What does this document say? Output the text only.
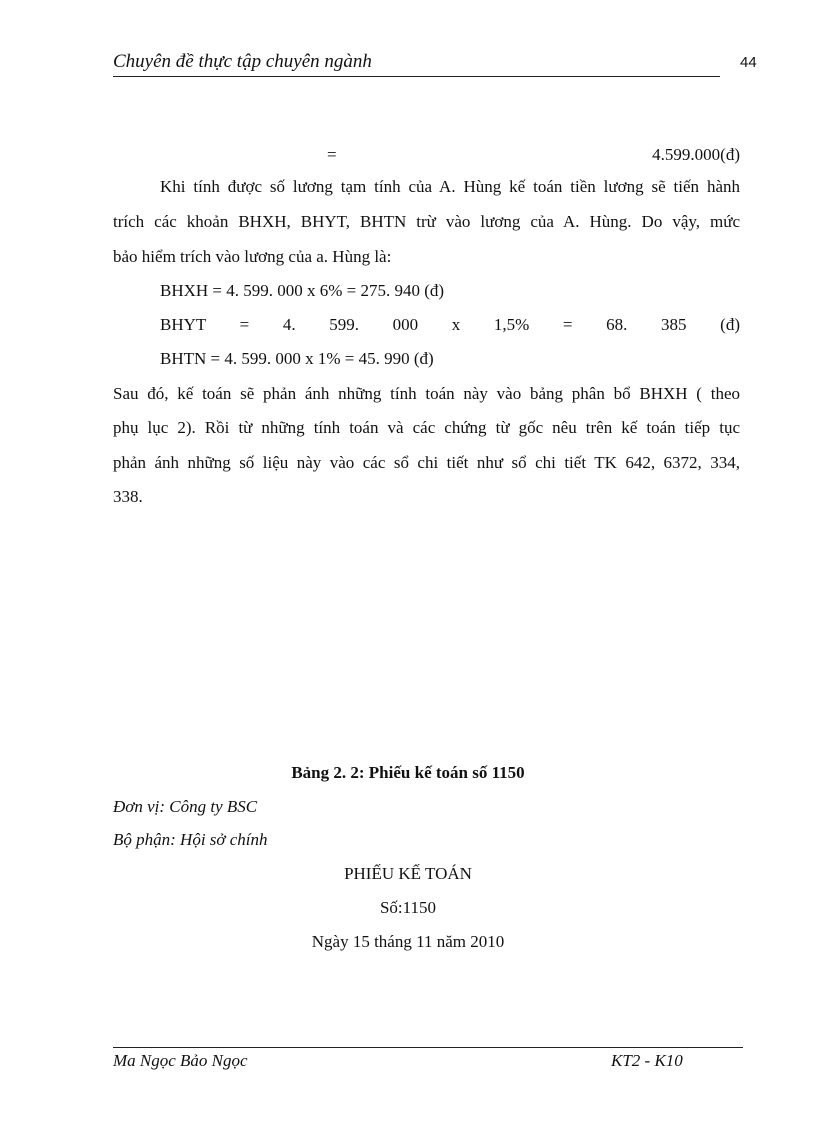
Chuyên đề thực tập chuyên ngành	44
=	4.599.000(đ)
Khi tính được số lương tạm tính của A. Hùng kế toán tiền lương sẽ tiến hành
trích các khoản BHXH, BHYT, BHTN trừ vào lương của A. Hùng. Do vậy, mức
bảo hiểm trích vào lương của a. Hùng là:
BHXH = 4. 599. 000 x 6% = 275. 940 (đ)
BHYT = 4. 599. 000 x 1,5% = 68. 385 (đ)
BHTN = 4. 599. 000 x 1% = 45. 990 (đ)
Sau đó, kế toán sẽ phản ánh những tính toán này vào bảng phân bổ BHXH ( theo
phụ lục 2). Rồi từ những tính toán và các chứng từ gốc nêu trên kế toán tiếp tục
phản ánh những số liệu này vào các sổ chi tiết như sổ chi tiết TK 642, 6372, 334,
338.
Bảng 2. 2: Phiếu kế toán số 1150
Đơn vị: Công ty BSC
Bộ phận: Hội sở chính
PHIẾU KẾ TOÁN
Số:1150
Ngày 15 tháng 11 năm 2010
Ma Ngọc Bảo Ngọc	KT2 - K10
